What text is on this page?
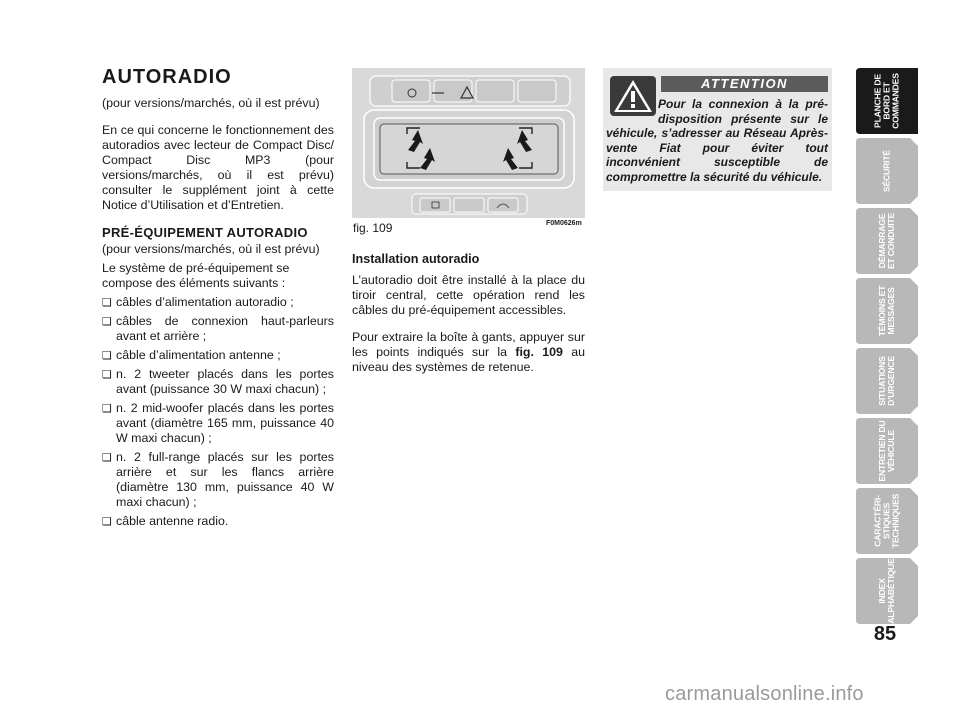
AUTORADIO
(pour versions/marchés, où il est prévu)
En ce qui concerne le fonctionnement des autoradios avec lecteur de Compact Disc/ Compact Disc MP3 (pour versions/marchés, où il est prévu) consulter le supplément joint à cette Notice d’Utilisation et d’Entretien.
PRÉ-ÉQUIPEMENT AUTORADIO
(pour versions/marchés, où il est prévu)
Le système de pré-équipement se compose des éléments suivants :
❑ câbles d’alimentation autoradio ;
❑ câbles de connexion haut-parleurs avant et arrière ;
❑ câble d’alimentation antenne ;
❑ n. 2 tweeter placés dans les portes avant (puissance 30 W maxi chacun) ;
❑ n. 2 mid-woofer placés dans les portes avant (diamètre 165 mm, puissance 40 W maxi chacun) ;
❑ n. 2 full-range placés sur les portes arrière et sur les flancs arrière (diamètre 130 mm, puissance 40 W maxi chacun) ;
❑ câble antenne radio.
fig. 109	F0M0626m
Installation autoradio
L’autoradio doit être installé à la place du tiroir central, cette opération rend les câbles du pré-équipement accessibles.
Pour extraire la boîte à gants, appuyer sur les points indiqués sur la fig. 109 au niveau des systèmes de retenue.
ATTENTION
Pour la connexion à la pré-disposition présente sur le véhicule, s’adresser au Réseau Après-vente Fiat pour éviter tout inconvénient susceptible de compromettre la sécurité du véhicule.
PLANCHE DE BORD ET COMMANDES
SÉCURITÉ
DÉMARRAGE ET CONDUITE
TÉMOINS ET MESSAGES
SITUATIONS D’URGENCE
ENTRETIEN DU VÉHICULE
CARACTÉRI-STIQUES TECHNIQUES
INDEX ALPHABÉTIQUE
85
carmanualsonline.info
